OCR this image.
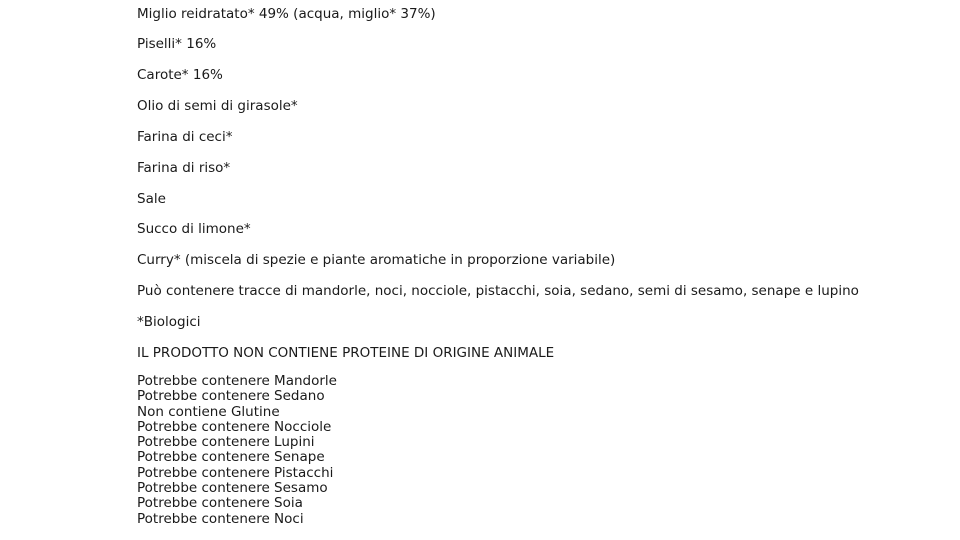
Miglio reidratato* 49% (acqua, miglio* 37%)

Piselli* 16%

Carote* 16%

Olio di semi di girasole*

Farina di ceci*

Farina di riso*

Sale

Succo di limone*

Curry* (miscela di spezie e piante aromatiche in proporzione variabile)

Può contenere tracce di mandorle, noci, nocciole, pistacchi, soia, sedano, semi di sesamo, senape e lupino

*Biologici

IL PRODOTTO NON CONTIENE PROTEINE DI ORIGINE ANIMALE

Potrebbe contenere Mandorle
Potrebbe contenere Sedano
Non contiene Glutine
Potrebbe contenere Nocciole
Potrebbe contenere Lupini
Potrebbe contenere Senape
Potrebbe contenere Pistacchi
Potrebbe contenere Sesamo
Potrebbe contenere Soia
Potrebbe contenere Noci
